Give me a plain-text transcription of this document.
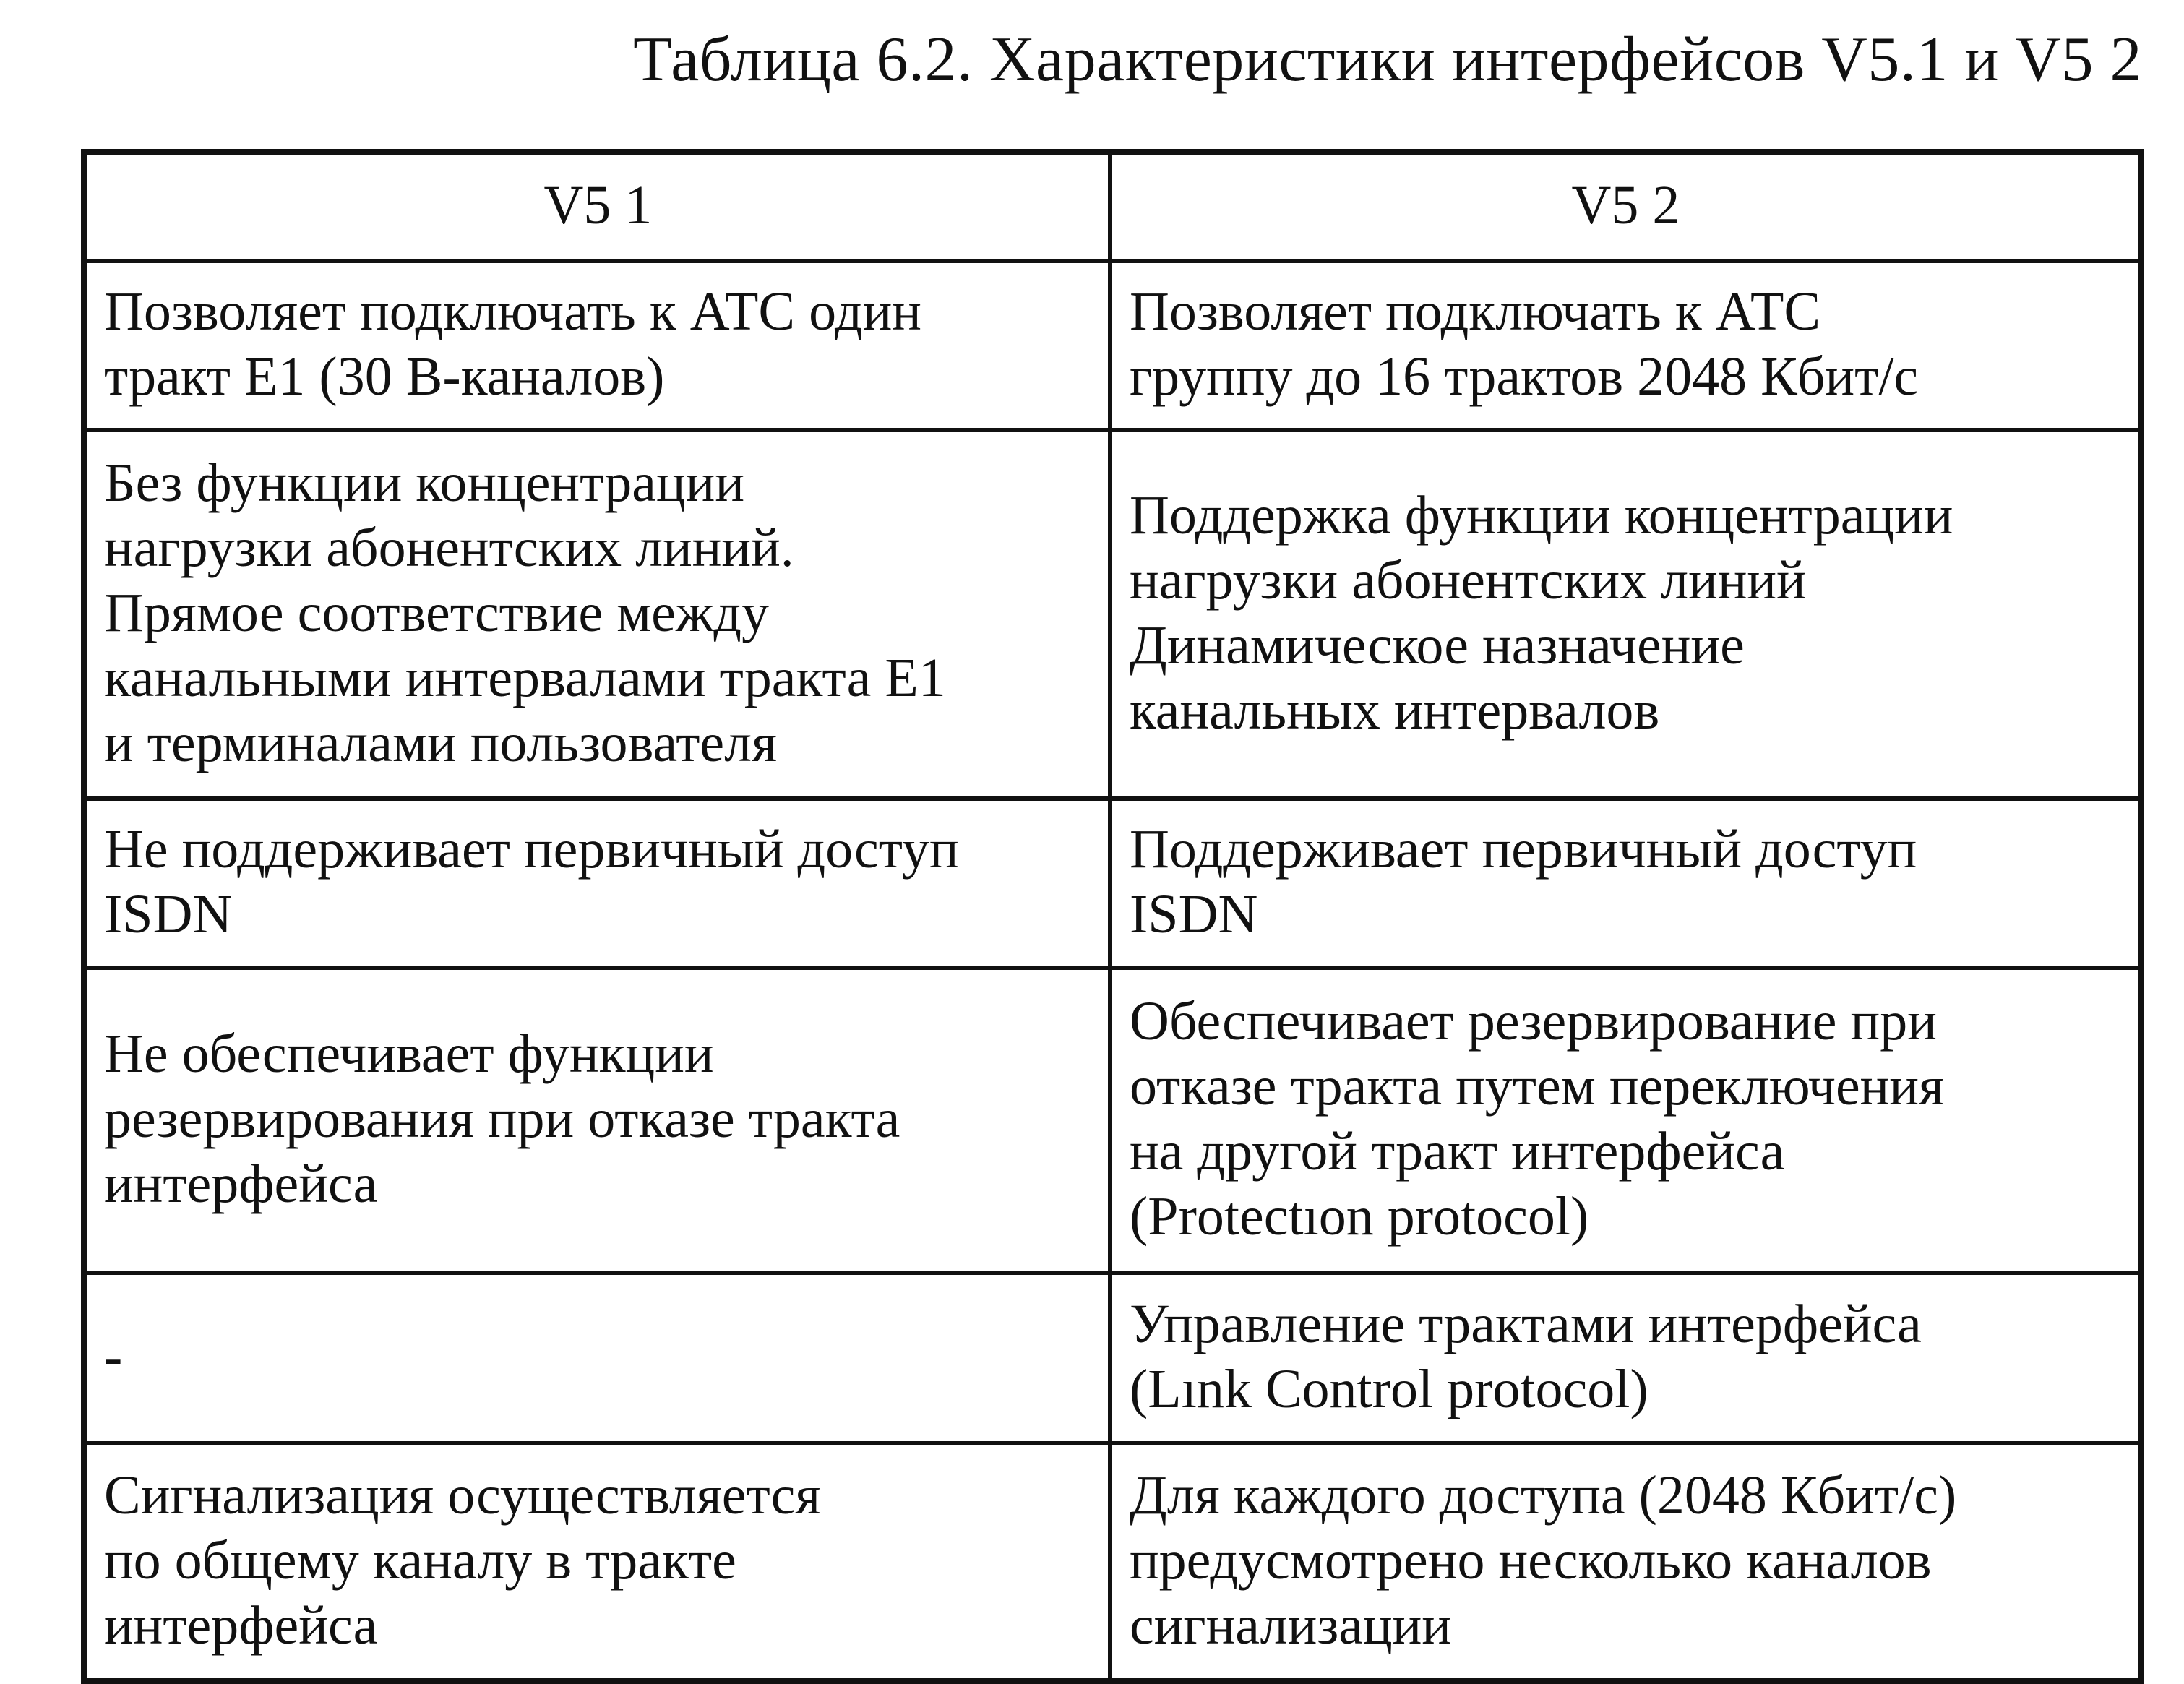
Таблица 6.2. Характеристики интерфейсов V5.1 и V5 2
V5 1	V5 2

Позволяет подключать к АТС один
тракт E1 (30 B-каналов)	Позволяет подключать к АТС
группу до 16 трактов 2048 Кбит/с

Без функции концентрации
нагрузки абонентских линий.
Прямое соответствие между
канальными интервалами тракта E1
и терминалами пользователя	Поддержка функции концентрации
нагрузки абонентских линий
Динамическое назначение
канальных интервалов

Не поддерживает первичный доступ
ISDN	Поддерживает первичный доступ
ISDN

Не обеспечивает функции
резервирования при отказе тракта
интерфейса	Обеспечивает резервирование при
отказе тракта путем переключения
на другой тракт интерфейса
(Protectıon protocol)

-	Управление трактами интерфейса
(Lınk Control protocol)

Сигнализация осуществляется
по общему каналу в тракте
интерфейса	Для каждого доступа (2048 Кбит/с)
предусмотрено несколько каналов
сигнализации
